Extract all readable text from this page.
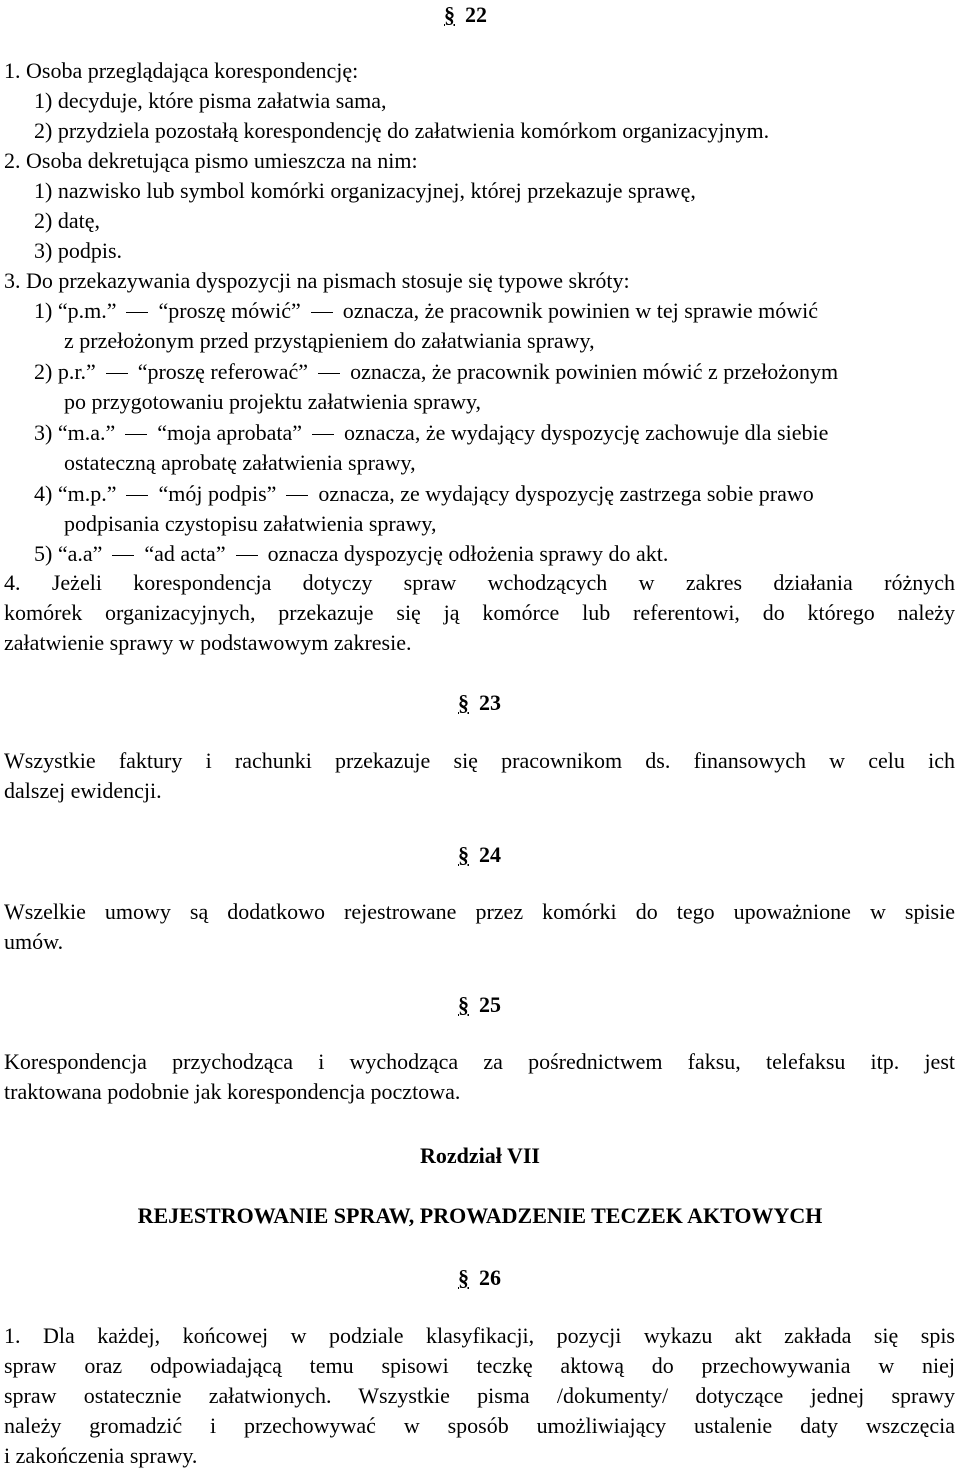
§ 22
1. Osoba przeglądająca korespondencję:
1) decyduje, które pisma załatwia sama,
2) przydziela pozostałą korespondencję do załatwienia komórkom organizacyjnym.
2. Osoba dekretująca pismo umieszcza na nim:
1) nazwisko lub symbol komórki organizacyjnej, której przekazuje sprawę,
2) datę,
3) podpis.
3. Do przekazywania dyspozycji na pismach stosuje się typowe skróty:
1) “p.m.” “proszę mówić” oznacza, że pracownik powinien w tej sprawie mówić
z przełożonym przed przystąpieniem do załatwiania sprawy,
2) p.r.” “proszę referować” oznacza, że pracownik powinien mówić z przełożonym
po przygotowaniu projektu załatwienia sprawy,
3) “m.a.” “moja aprobata” oznacza, że wydający dyspozycję zachowuje dla siebie
ostateczną aprobatę załatwienia sprawy,
4) “m.p.” “mój podpis” oznacza, ze wydający dyspozycję zastrzega sobie prawo
podpisania czystopisu załatwienia sprawy,
5) “a.a” “ad acta” oznacza dyspozycję odłożenia sprawy do akt.
4. Jeżeli korespondencja dotyczy spraw wchodzących w zakres działania różnych
komórek organizacyjnych, przekazuje się ją komórce lub referentowi, do którego należy
załatwienie sprawy w podstawowym zakresie.
§ 23
Wszystkie faktury i rachunki przekazuje się pracownikom ds. finansowych w celu ich
dalszej ewidencji.
§ 24
Wszelkie umowy są dodatkowo rejestrowane przez komórki do tego upoważnione w spisie
umów.
§ 25
Korespondencja przychodząca i wychodząca za pośrednictwem faksu, telefaksu itp. jest
traktowana podobnie jak korespondencja pocztowa.
Rozdział VII
REJESTROWANIE SPRAW, PROWADZENIE TECZEK AKTOWYCH
§ 26
1. Dla każdej, końcowej w podziale klasyfikacji, pozycji wykazu akt zakłada się spis
spraw oraz odpowiadającą temu spisowi teczkę aktową do przechowywania w niej
spraw ostatecznie załatwionych. Wszystkie pisma /dokumenty/ dotyczące jednej sprawy
należy gromadzić i przechowywać w sposób umożliwiający ustalenie daty wszczęcia
i zakończenia sprawy.
